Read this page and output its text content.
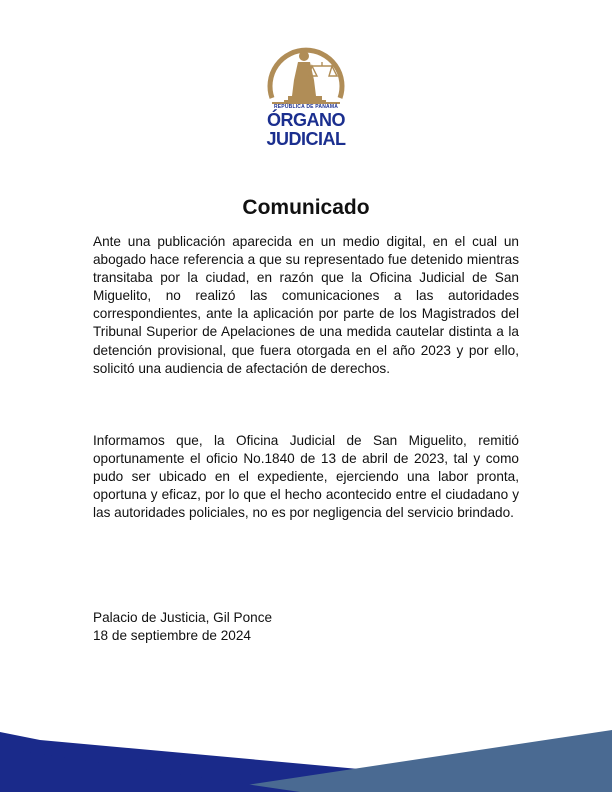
REPÚBLICA DE PANAMÁ
ÓRGANO
JUDICIAL
Comunicado

Ante una publicación aparecida en un medio digital, en el cual un abogado hace referencia a que su representado fue detenido mientras transitaba por la ciudad, en razón que la Oficina Judicial de San Miguelito, no realizó las comunicaciones a las autoridades correspondientes, ante la aplicación por parte de los Magistrados del Tribunal Superior de Apelaciones de una medida cautelar distinta a la detención provisional, que fuera otorgada en el año 2023 y por ello, solicitó una audiencia de afectación de derechos.

Informamos que, la Oficina Judicial de San Miguelito, remitió oportunamente el oficio No.1840 de 13 de abril de 2023, tal y como pudo ser ubicado en el expediente, ejerciendo una labor pronta, oportuna y eficaz, por lo que el hecho acontecido entre el ciudadano y las autoridades policiales, no es por negligencia del servicio brindado.

Palacio de Justicia, Gil Ponce
18 de septiembre de 2024
